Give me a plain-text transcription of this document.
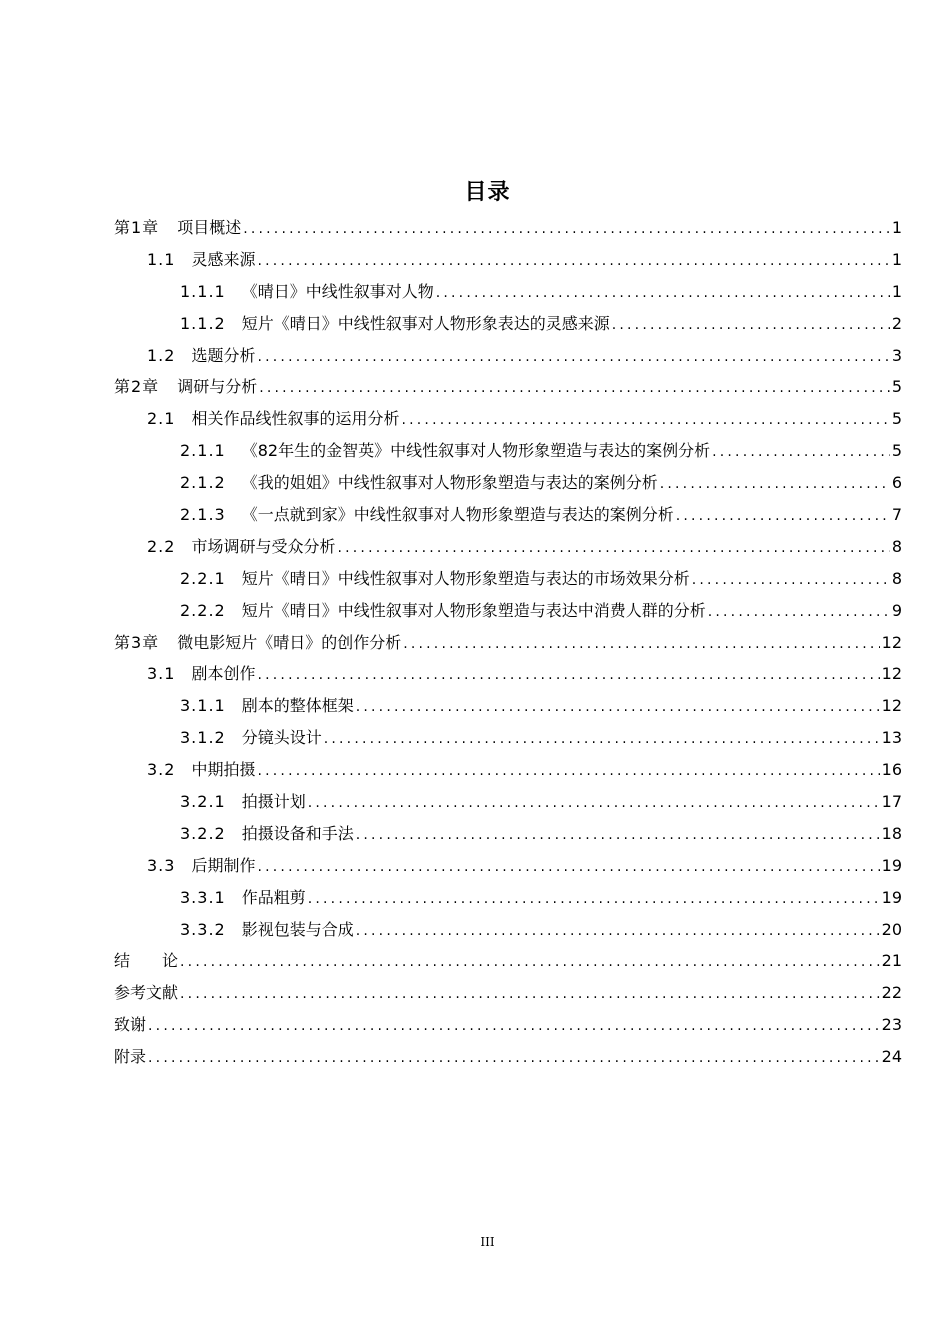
目录
第1章 项目概述 .....	1
1.1 灵感来源 .....	1
1.1.1 《晴日》中线性叙事对人物 .....	1
1.1.2 短片《晴日》中线性叙事对人物形象表达的灵感来源 .....	2
1.2 选题分析 .....	3
第2章 调研与分析 .....	5
2.1 相关作品线性叙事的运用分析 .....	5
2.1.1 《82年生的金智英》中线性叙事对人物形象塑造与表达的案例分析 .....	5
2.1.2 《我的姐姐》中线性叙事对人物形象塑造与表达的案例分析 .....	6
2.1.3 《一点就到家》中线性叙事对人物形象塑造与表达的案例分析 .....	7
2.2 市场调研与受众分析 .....	8
2.2.1 短片《晴日》中线性叙事对人物形象塑造与表达的市场效果分析 .....	8
2.2.2 短片《晴日》中线性叙事对人物形象塑造与表达中消费人群的分析 .....	9
第3章 微电影短片《晴日》的创作分析 .....	12
3.1 剧本创作 .....	12
3.1.1 剧本的整体框架 .....	12
3.1.2 分镜头设计 .....	13
3.2 中期拍摄 .....	16
3.2.1 拍摄计划 .....	17
3.2.2 拍摄设备和手法 .....	18
3.3 后期制作 .....	19
3.3.1 作品粗剪 .....	19
3.3.2 影视包装与合成 .....	20
结　　论 .....	21
参考文献 .....	22
致谢 .....	23
附录 .....	24
III
